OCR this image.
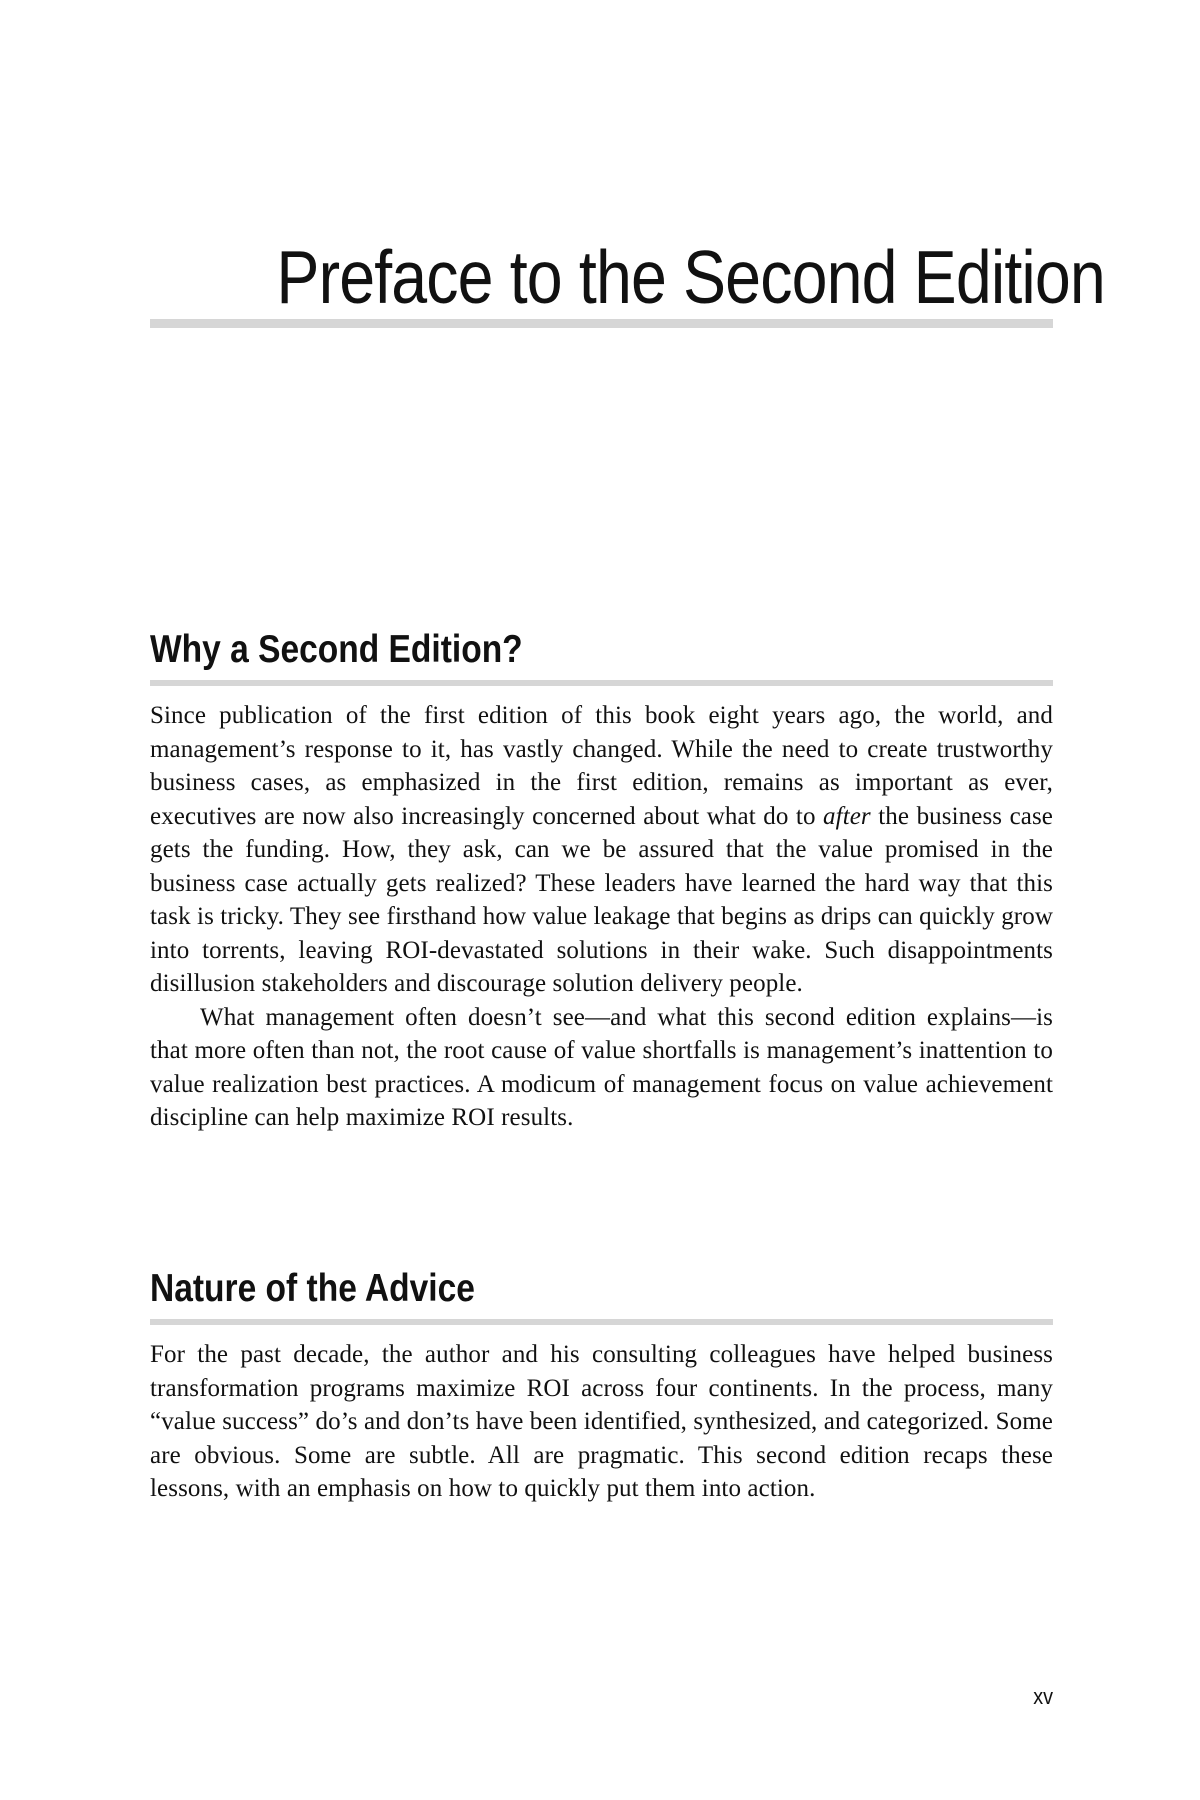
Preface to the Second Edition
Why a Second Edition?

Since publication of the first edition of this book eight years ago, the world, and management’s response to it, has vastly changed. While the need to create trustworthy business cases, as emphasized in the first edition, remains as important as ever, executives are now also increasingly concerned about what do to after the business case gets the funding. How, they ask, can we be assured that the value promised in the business case actually gets realized? These leaders have learned the hard way that this task is tricky. They see firsthand how value leakage that begins as drips can quickly grow into torrents, leaving ROI-devastated solutions in their wake. Such disappointments disillusion stakeholders and discourage solution delivery people.

What management often doesn’t see—and what this second edition explains—is that more often than not, the root cause of value shortfalls is management’s inattention to value realization best practices. A modicum of management focus on value achievement discipline can help maximize ROI results.

Nature of the Advice

For the past decade, the author and his consulting colleagues have helped business transformation programs maximize ROI across four continents. In the process, many “value success” do’s and don’ts have been identified, synthesized, and categorized. Some are obvious. Some are subtle. All are pragmatic. This second edition recaps these lessons, with an emphasis on how to quickly put them into action.

xv
